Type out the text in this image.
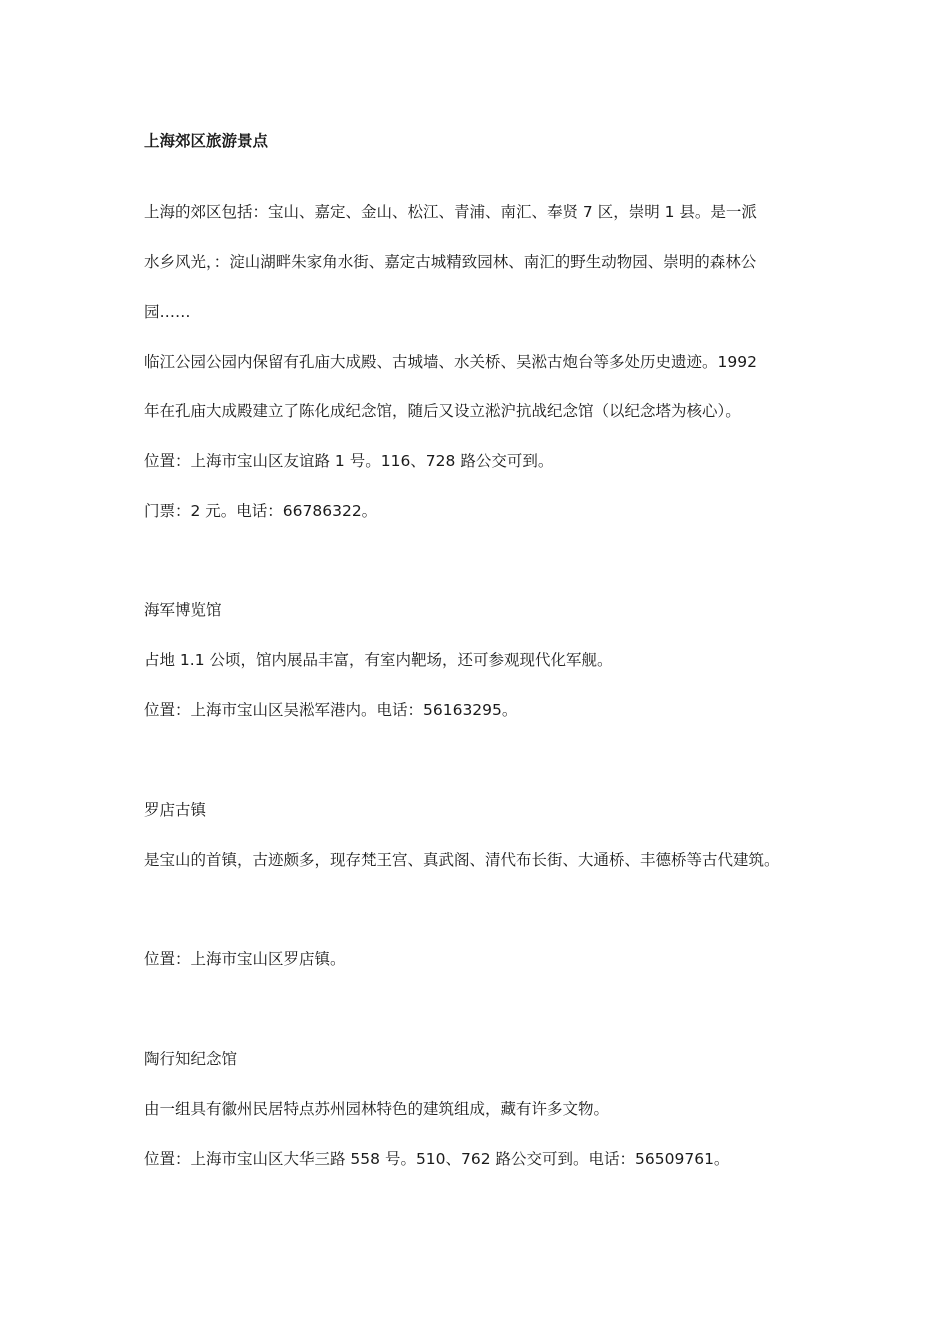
上海郊区旅游景点
上海的郊区包括：宝山、嘉定、金山、松江、青浦、南汇、奉贤 7 区，崇明 1 县。是一派
水乡风光，：淀山湖畔朱家角水街、嘉定古城精致园林、南汇的野生动物园、崇明的森林公
园……
临江公园公园内保留有孔庙大成殿、古城墙、水关桥、吴淞古炮台等多处历史遗迹。1992
年在孔庙大成殿建立了陈化成纪念馆，随后又设立淞沪抗战纪念馆（以纪念塔为核心）。
位置：上海市宝山区友谊路 1 号。116、728 路公交可到。
门票：2 元。电话：66786322。
海军博览馆
占地 1.1 公顷，馆内展品丰富，有室内靶场，还可参观现代化军舰。
位置：上海市宝山区吴淞军港内。电话：56163295。
罗店古镇
是宝山的首镇，古迹颇多，现存梵王宫、真武阁、清代布长街、大通桥、丰德桥等古代建筑。
位置：上海市宝山区罗店镇。
陶行知纪念馆
由一组具有徽州民居特点苏州园林特色的建筑组成，藏有许多文物。
位置：上海市宝山区大华三路 558 号。510、762 路公交可到。电话：56509761。
